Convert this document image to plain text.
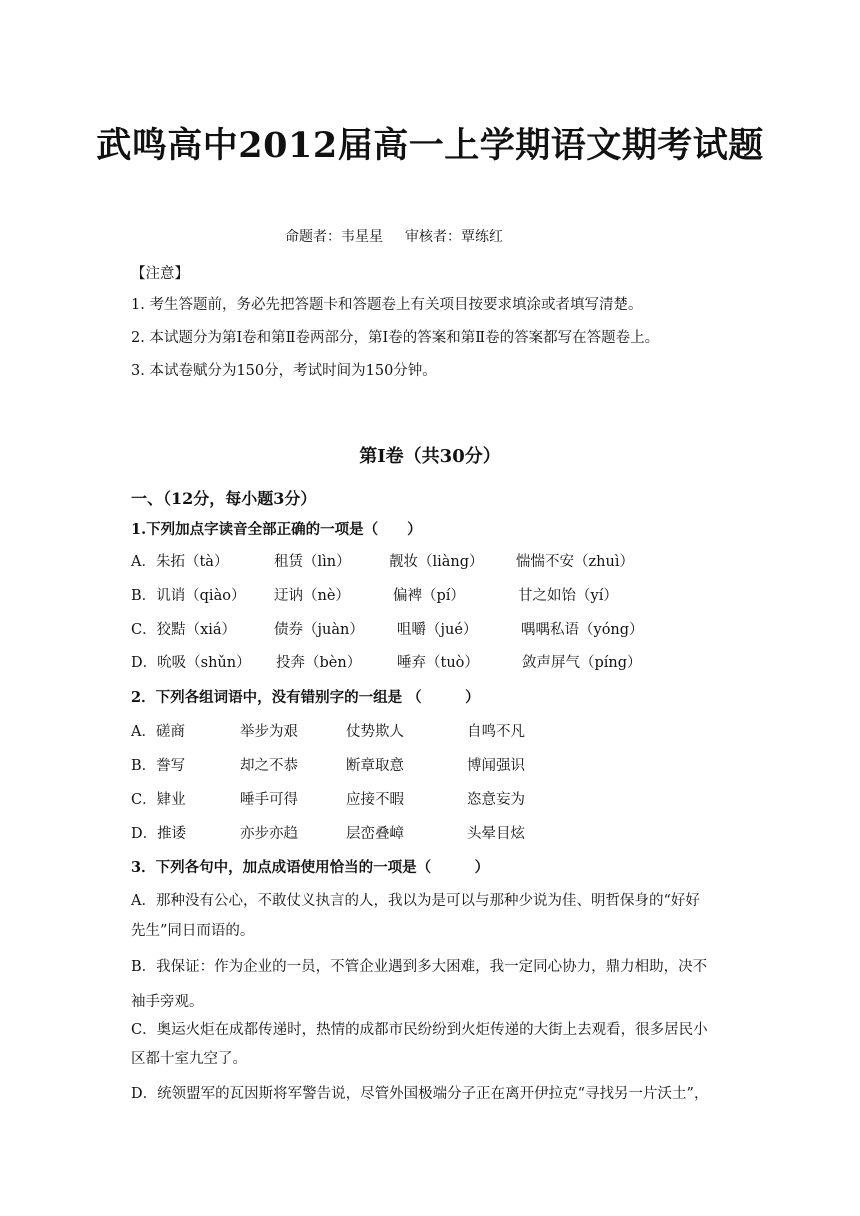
武鸣高中2012届高一上学期语文期考试题
命题者：韦星星 审核者：覃练红
【注意】
1. 考生答题前，务必先把答题卡和答题卷上有关项目按要求填涂或者填写清楚。
2. 本试题分为第Ⅰ卷和第Ⅱ卷两部分，第Ⅰ卷的答案和第Ⅱ卷的答案都写在答题卷上。
3. 本试卷赋分为150分，考试时间为150分钟。
第Ⅰ卷（共30分）
一、（12分，每小题3分）
1.下列加点字读音全部正确的一项是（　　）
A．朱拓（tà）	租赁（lìn）	靓妆（liàng） 惴惴不安（zhuì）
B．讥诮（qiào） 迂讷（nè）	偏裨（pí）	甘之如饴（yí）
C．狡黠（xiá）	债券（juàn） 咀嚼（jué）	喁喁私语（yóng）
D．吮吸（shǔn） 投奔（bèn） 唾弃（tuò）	敛声屏气（píng）
2．下列各组词语中，没有错别字的一组是 （　　　）
A．磋商	举步为艰	仗势欺人	自鸣不凡
B．誊写	却之不恭	断章取意	博闻强识
C．肄业	唾手可得	应接不暇	恣意妄为
D．推诿	亦步亦趋	层峦叠嶂	头晕目炫
3．下列各句中，加点成语使用恰当的一项是（　　　）
A．那种没有公心，不敢仗义执言的人，我以为是可以与那种少说为佳、明哲保身的“好好
先生”同日而语的。
B．我保证：作为企业的一员，不管企业遇到多大困难，我一定同心协力，鼎力相助，决不
袖手旁观。
C．奥运火炬在成都传递时，热情的成都市民纷纷到火炬传递的大街上去观看，很多居民小
区都十室九空了。
D．统领盟军的瓦因斯将军警告说，尽管外国极端分子正在离开伊拉克“寻找另一片沃土”，
